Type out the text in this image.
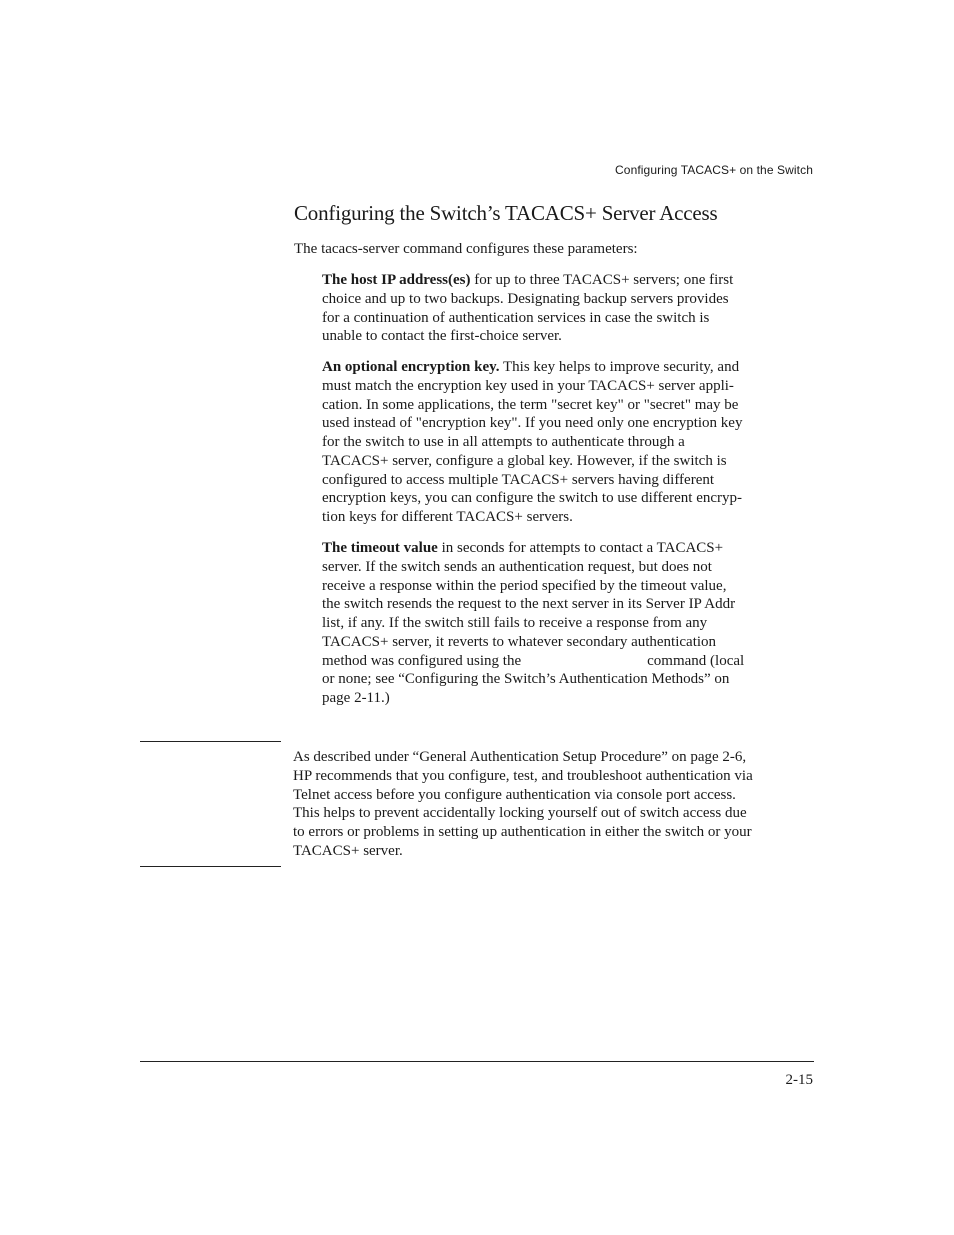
Configuring TACACS+ on the Switch
Configuring the Switch’s TACACS+ Server Access

The tacacs-server command configures these parameters:

The host IP address(es) for up to three TACACS+ servers; one first
choice and up to two backups. Designating backup servers provides
for a continuation of authentication services in case the switch is
unable to contact the first-choice server.

An optional encryption key. This key helps to improve security, and
must match the encryption key used in your TACACS+ server appli-
cation. In some applications, the term "secret key" or "secret" may be
used instead of "encryption key". If you need only one encryption key
for the switch to use in all attempts to authenticate through a
TACACS+ server, configure a global key. However, if the switch is
configured to access multiple TACACS+ servers having different
encryption keys, you can configure the switch to use different encryp-
tion keys for different TACACS+ servers.

The timeout value in seconds for attempts to contact a TACACS+
server. If the switch sends an authentication request, but does not
receive a response within the period specified by the timeout value,
the switch resends the request to the next server in its Server IP Addr
list, if any. If the switch still fails to receive a response from any
TACACS+ server, it reverts to whatever secondary authentication
method was configured using the	command (local
or none; see “Configuring the Switch’s Authentication Methods” on
page 2-11.)

As described under “General Authentication Setup Procedure” on page 2-6,
HP recommends that you configure, test, and troubleshoot authentication via
Telnet access before you configure authentication via console port access.
This helps to prevent accidentally locking yourself out of switch access due
to errors or problems in setting up authentication in either the switch or your
TACACS+ server.

2-15
